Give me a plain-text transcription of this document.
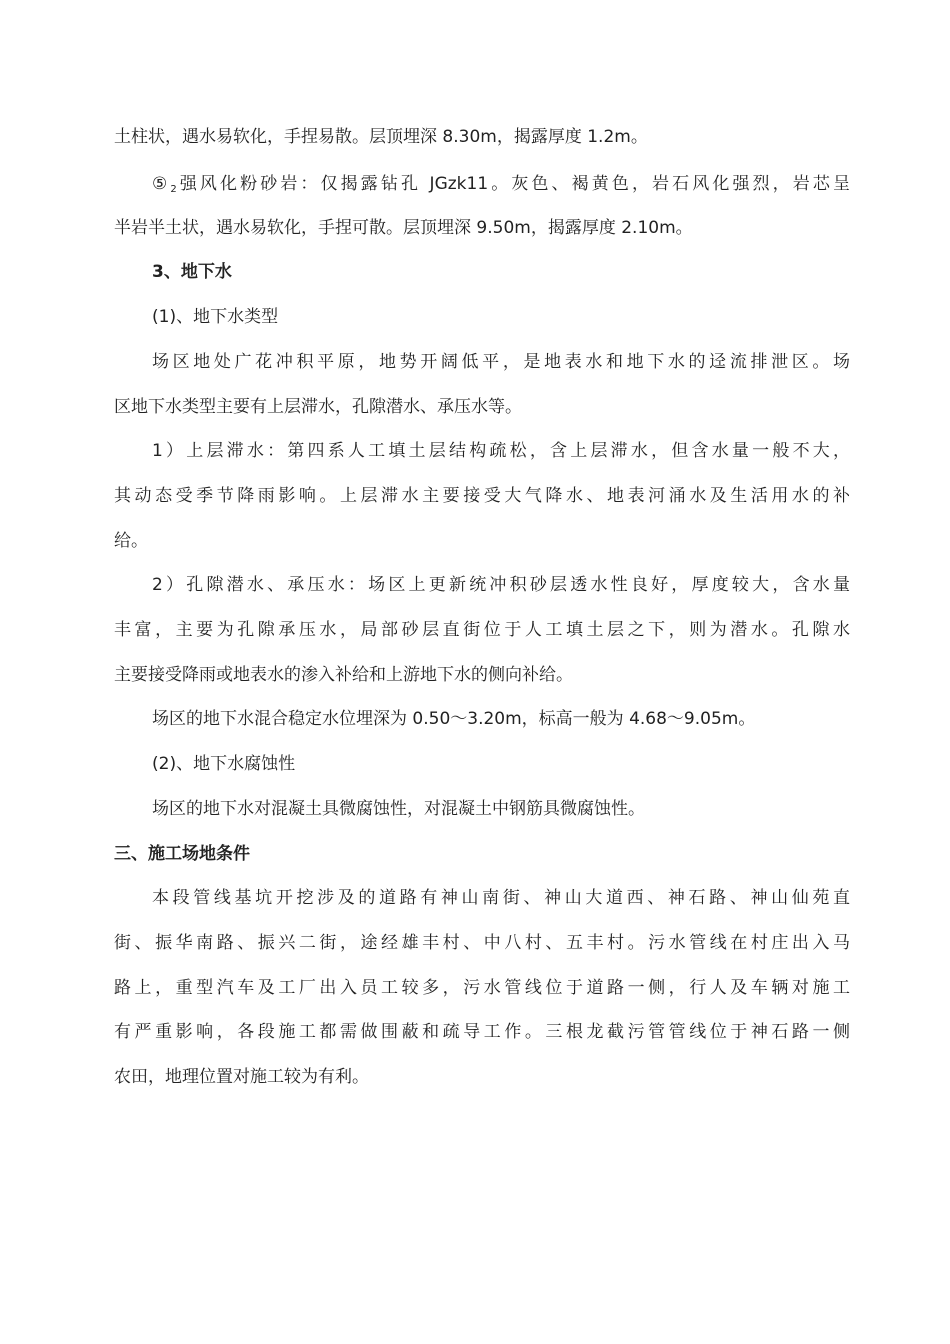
土柱状，遇水易软化，手捏易散。层顶埋深 8.30m，揭露厚度 1.2m。
$⑤_2$强风化粉砂岩：仅揭露钻孔 JGzk11。灰色、褐黄色，岩石风化强烈，岩芯呈
半岩半土状，遇水易软化，手捏可散。层顶埋深 9.50m，揭露厚度 2.10m。
3、地下水
(1)、地下水类型
场区地处广花冲积平原，地势开阔低平，是地表水和地下水的迳流排泄区。场
区地下水类型主要有上层滞水，孔隙潜水、承压水等。
1）上层滞水：第四系人工填土层结构疏松，含上层滞水，但含水量一般不大，
其动态受季节降雨影响。上层滞水主要接受大气降水、地表河涌水及生活用水的补
给。
2）孔隙潜水、承压水：场区上更新统冲积砂层透水性良好，厚度较大，含水量
丰富，主要为孔隙承压水，局部砂层直街位于人工填土层之下，则为潜水。孔隙水
主要接受降雨或地表水的渗入补给和上游地下水的侧向补给。
场区的地下水混合稳定水位埋深为 0.50～3.20m，标高一般为 4.68～9.05m。
(2)、地下水腐蚀性
场区的地下水对混凝土具微腐蚀性，对混凝土中钢筋具微腐蚀性。
三、施工场地条件
本段管线基坑开挖涉及的道路有神山南街、神山大道西、神石路、神山仙苑直
街、振华南路、振兴二街，途经雄丰村、中八村、五丰村。污水管线在村庄出入马
路上，重型汽车及工厂出入员工较多，污水管线位于道路一侧，行人及车辆对施工
有严重影响，各段施工都需做围蔽和疏导工作。三根龙截污管管线位于神石路一侧
农田，地理位置对施工较为有利。
